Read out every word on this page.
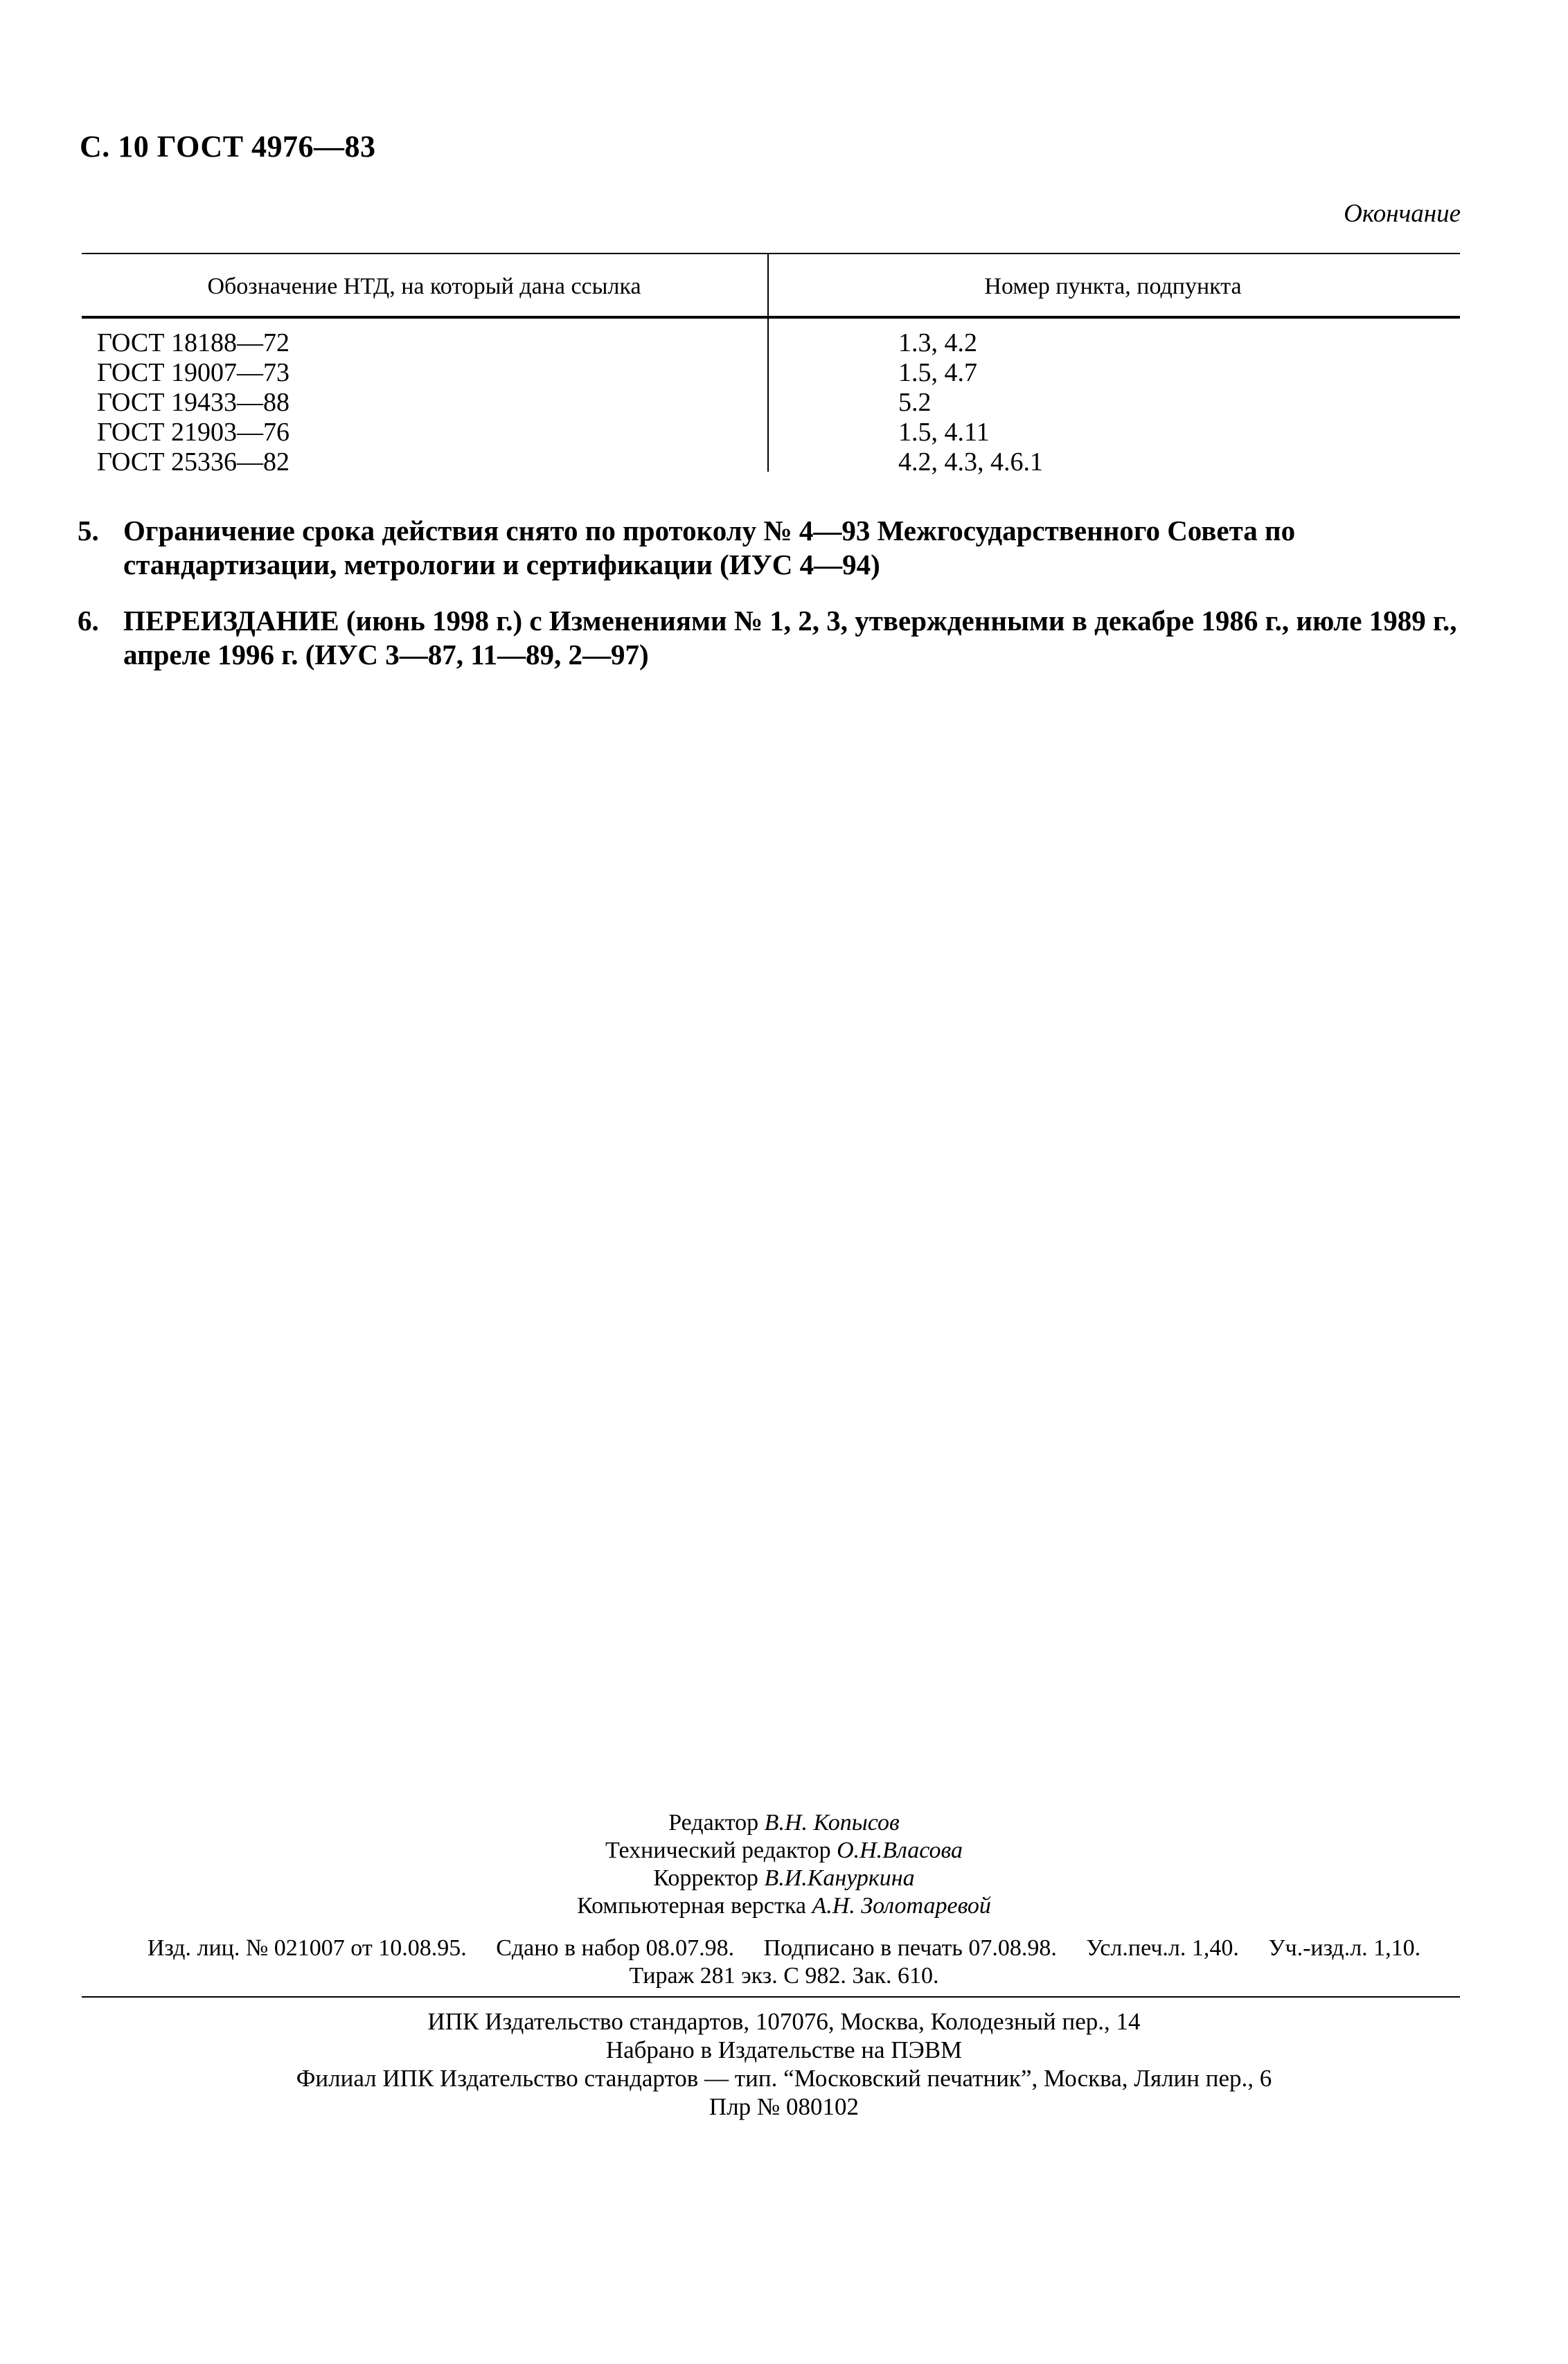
С. 10 ГОСТ 4976—83
Окончание
Обозначение НТД, на который дана ссылка	Номер пункта, подпункта
ГОСТ 18188—72	1.3, 4.2
ГОСТ 19007—73	1.5, 4.7
ГОСТ 19433—88	5.2
ГОСТ 21903—76	1.5, 4.11
ГОСТ 25336—82	4.2, 4.3, 4.6.1
5. Ограничение срока действия снято по протоколу № 4—93 Межгосударственного Совета по стандартизации, метрологии и сертификации (ИУС 4—94)
6. ПЕРЕИЗДАНИЕ (июнь 1998 г.) с Изменениями № 1, 2, 3, утвержденными в декабре 1986 г., июле 1989 г., апреле 1996 г. (ИУС 3—87, 11—89, 2—97)
Редактор В.Н. Копысов
Технический редактор О.Н.Власова
Корректор В.И.Кануркина
Компьютерная верстка А.Н. Золотаревой
Изд. лиц. № 021007 от 10.08.95. Сдано в набор 08.07.98. Подписано в печать 07.08.98. Усл.печ.л. 1,40. Уч.-изд.л. 1,10.
Тираж 281 экз. С 982. Зак. 610.
ИПК Издательство стандартов, 107076, Москва, Колодезный пер., 14
Набрано в Издательстве на ПЭВМ
Филиал ИПК Издательство стандартов — тип. “Московский печатник”, Москва, Лялин пер., 6
Плр № 080102
